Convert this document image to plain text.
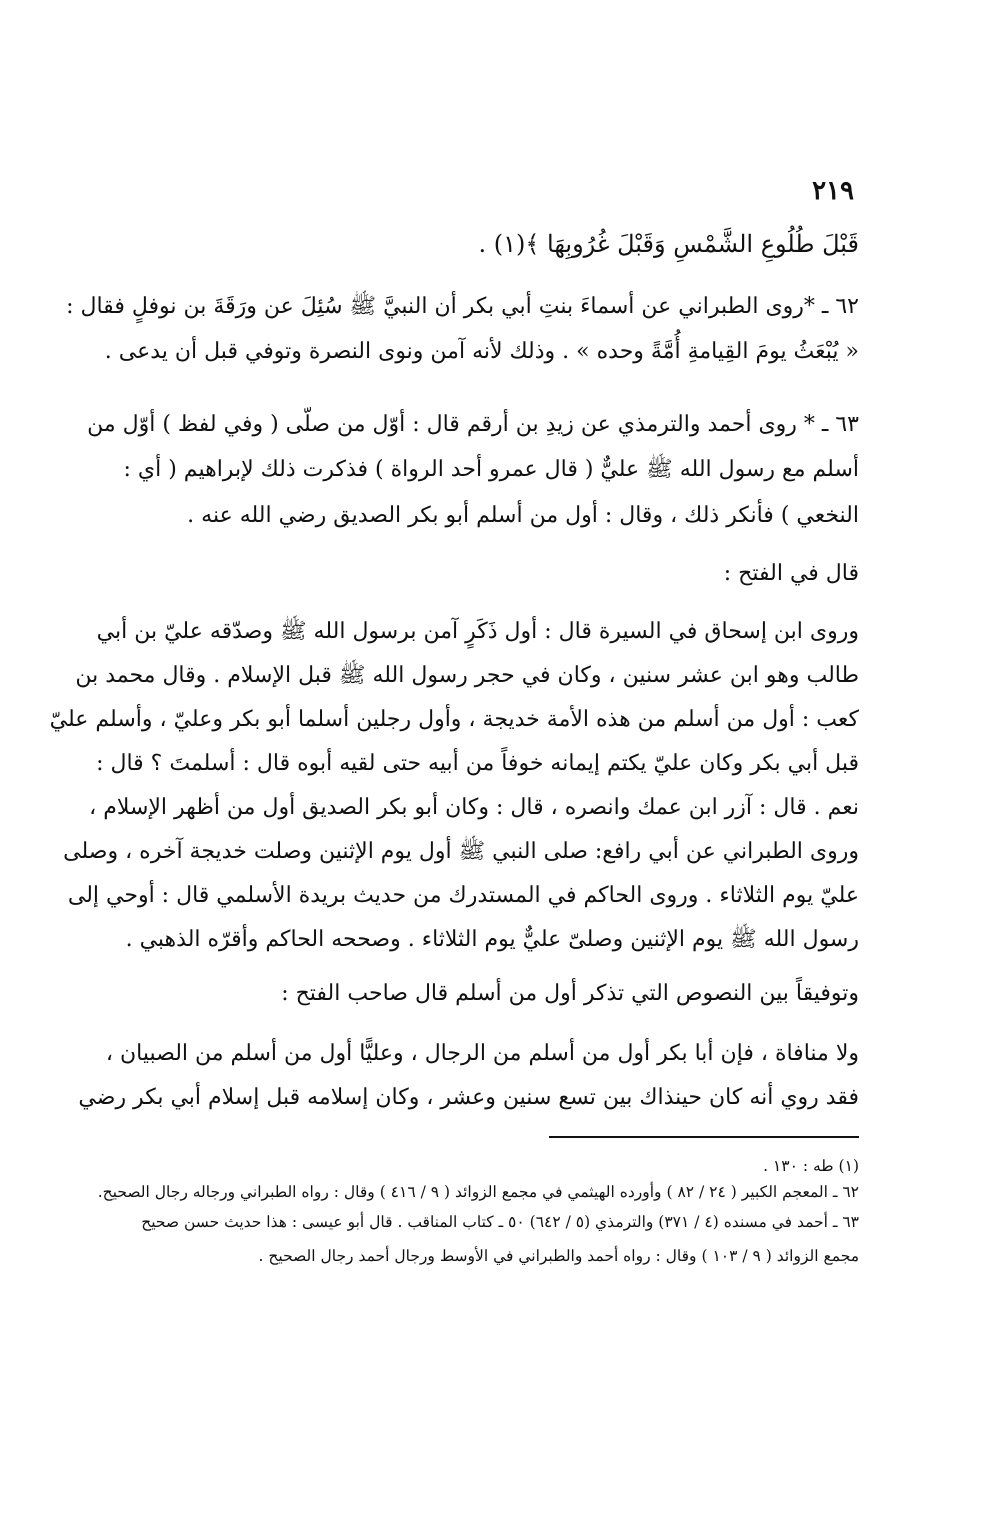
٢١٩
قَبْلَ طُلُوعِ الشَّمْسِ وَقَبْلَ غُرُوبِهَا ﴾(١) .
٦٢ ـ *روى الطبراني عن أسماءَ بنتِ أبي بكر أن النبيَّ ﷺ سُئِلَ عن ورَقَةَ بن نوفلٍ فقال :
« يُبْعَثُ يومَ القِيامةِ أُمَّةً وحده » . وذلك لأنه آمن ونوى النصرة وتوفي قبل أن يدعى .
٦٣ ـ * روى أحمد والترمذي عن زيدِ بن أرقم قال : أوّل من صلّى ( وفي لفظ ) أوّل من
أسلم مع رسول الله ﷺ عليٌّ ( قال عمرو أحد الرواة ) فذكرت ذلك لإبراهيم ( أي :
النخعي ) فأنكر ذلك ، وقال : أول من أسلم أبو بكر الصديق رضي الله عنه .
قال في الفتح :
وروى ابن إسحاق في السيرة قال : أول ذَكَرٍ آمن برسول الله ﷺ وصدّقه عليّ بن أبي
طالب وهو ابن عشر سنين ، وكان في حجر رسول الله ﷺ قبل الإسلام . وقال محمد بن
كعب : أول من أسلم من هذه الأمة خديجة ، وأول رجلين أسلما أبو بكر وعليّ ، وأسلم عليّ
قبل أبي بكر وكان عليّ يكتم إيمانه خوفاً من أبيه حتى لقيه أبوه قال : أسلمتَ ؟ قال :
نعم . قال : آزر ابن عمك وانصره ، قال : وكان أبو بكر الصديق أول من أظهر الإسلام ،
وروى الطبراني عن أبي رافع: صلى النبي ﷺ أول يوم الإثنين وصلت خديجة آخره ، وصلى
عليّ يوم الثلاثاء . وروى الحاكم في المستدرك من حديث بريدة الأسلمي قال : أوحي إلى
رسول الله ﷺ يوم الإثنين وصلىّ عليٌّ يوم الثلاثاء . وصححه الحاكم وأقرّه الذهبي .
وتوفيقاً بين النصوص التي تذكر أول من أسلم قال صاحب الفتح :
ولا منافاة ، فإن أبا بكر أول من أسلم من الرجال ، وعليًّا أول من أسلم من الصبيان ،
فقد روي أنه كان حينذاك بين تسع سنين وعشر ، وكان إسلامه قبل إسلام أبي بكر رضي
(١) طه : ١٣٠ .
٦٢ ـ المعجم الكبير ( ٢٤ / ٨٢ ) وأورده الهيثمي في مجمع الزوائد ( ٩ / ٤١٦ ) وقال : رواه الطبراني ورجاله رجال الصحيح.
٦٣ ـ أحمد في مسنده (٤ / ٣٧١) والترمذي (٥ / ٦٤٢) ٥٠ ـ كتاب المناقب . قال أبو عيسى : هذا حديث حسن صحيح
مجمع الزوائد ( ٩ / ١٠٣ ) وقال : رواه أحمد والطبراني في الأوسط ورجال أحمد رجال الصحيح .
